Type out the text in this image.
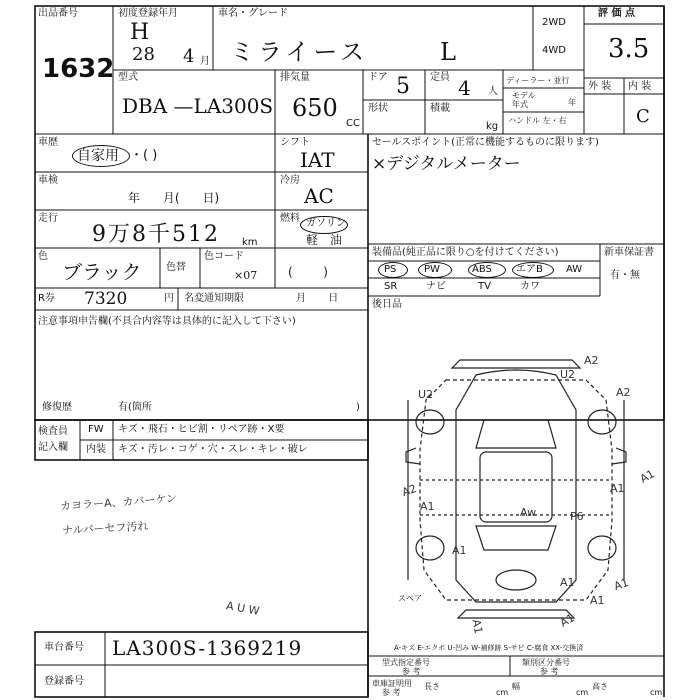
出品番号
1632
初度登録年月
H
28 4 月
車名・グレード
ミライース	L
2WD
4WD
評 価 点
3.5
外 装 内 装
C
型式
DBA —LA300S
排気量
650
CC
ドア 5 定員 4 人
形状	積載
kg
ディーラー・並行
モデル
年式	年
ハンドル 左・右
車歴
自家用 ・( )
シフト
IAT
車検
年      月(      日)
冷房
AC
走行
9万8千512 km
燃料 ガソリン
軽 油
(        )
色
ブラック 色替
色コード
×07
R券 7320	円 名変通知期限	月       日
セールスポイント(正常に機能するものに限ります)
×デジタルメーター
装備品(純正品に限り○を付けてください)	新車保証書
有・無
PS	PW	ABS エアB AW
SR	ナビ	TV	カワ
後日品
注意事項申告欄(不具合内容等は具体的に記入して下さい)
修復歴	有(箇所	)
検査員
記入欄
FW キズ・飛石・ヒビ割・リペア跡・X要
内装 キズ・汚レ・コゲ・穴・スレ・キレ・破レ
カヨラーA、カバーケン
ナルパーセフ汚れ
車台番号 LA300S-1369219
登録番号
A2
U2	A2
A1
A1
Aw	P6
A2
A1
A1
A1	A1
A1	A1
A1
U2
A U W
スペア
A-キズ E-エクボ U-凹み W-補修跡 S-サビ C-腐食 XX-交換済
型式指定番号
参 考
類別区分番号
参 考
車庫証明用
参 考
長さ
cm
幅
cm
高さ
cm
